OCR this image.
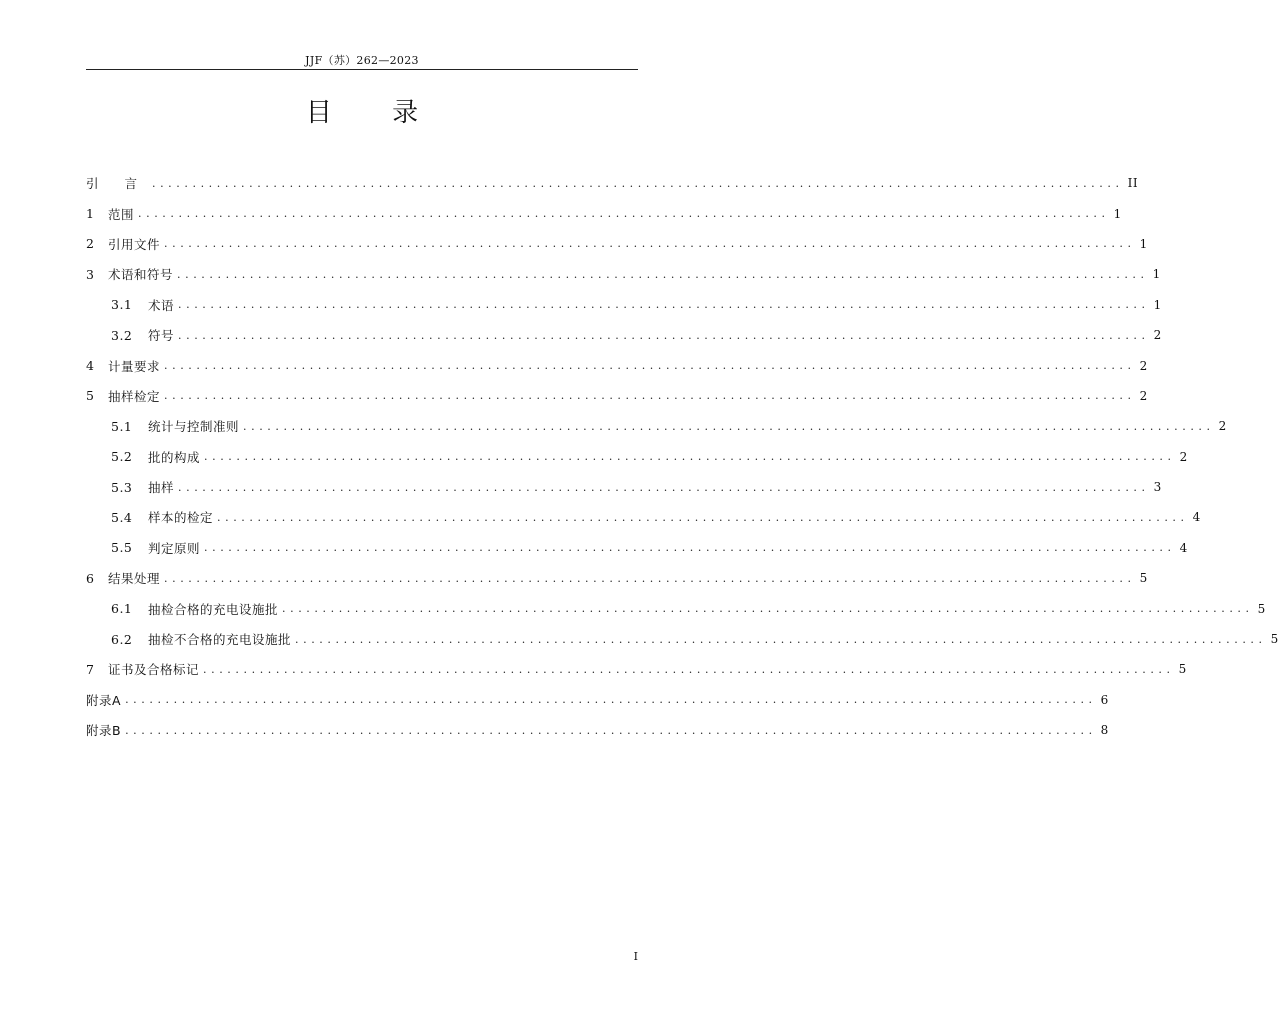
JJF（苏）262—2023
目 录
引 言 ........................................................................................................................ II
1	范围 ........................................................................................................................ 1
2	引用文件 ........................................................................................................................ 1
3	术语和符号 ........................................................................................................................ 1
3.1	术语 ........................................................................................................................ 1
3.2	符号 ........................................................................................................................ 2
4	计量要求 ........................................................................................................................ 2
5	抽样检定 ........................................................................................................................ 2
5.1	统计与控制准则 ........................................................................................................................ 2
5.2	批的构成 ........................................................................................................................ 2
5.3	抽样 ........................................................................................................................ 3
5.4	样本的检定 ........................................................................................................................ 4
5.5	判定原则 ........................................................................................................................ 4
6	结果处理 ........................................................................................................................ 5
6.1	抽检合格的充电设施批 ........................................................................................................................ 5
6.2	抽检不合格的充电设施批 ........................................................................................................................ 5
7	证书及合格标记 ........................................................................................................................ 5
附录A ........................................................................................................................ 6
附录B ........................................................................................................................ 8
I
